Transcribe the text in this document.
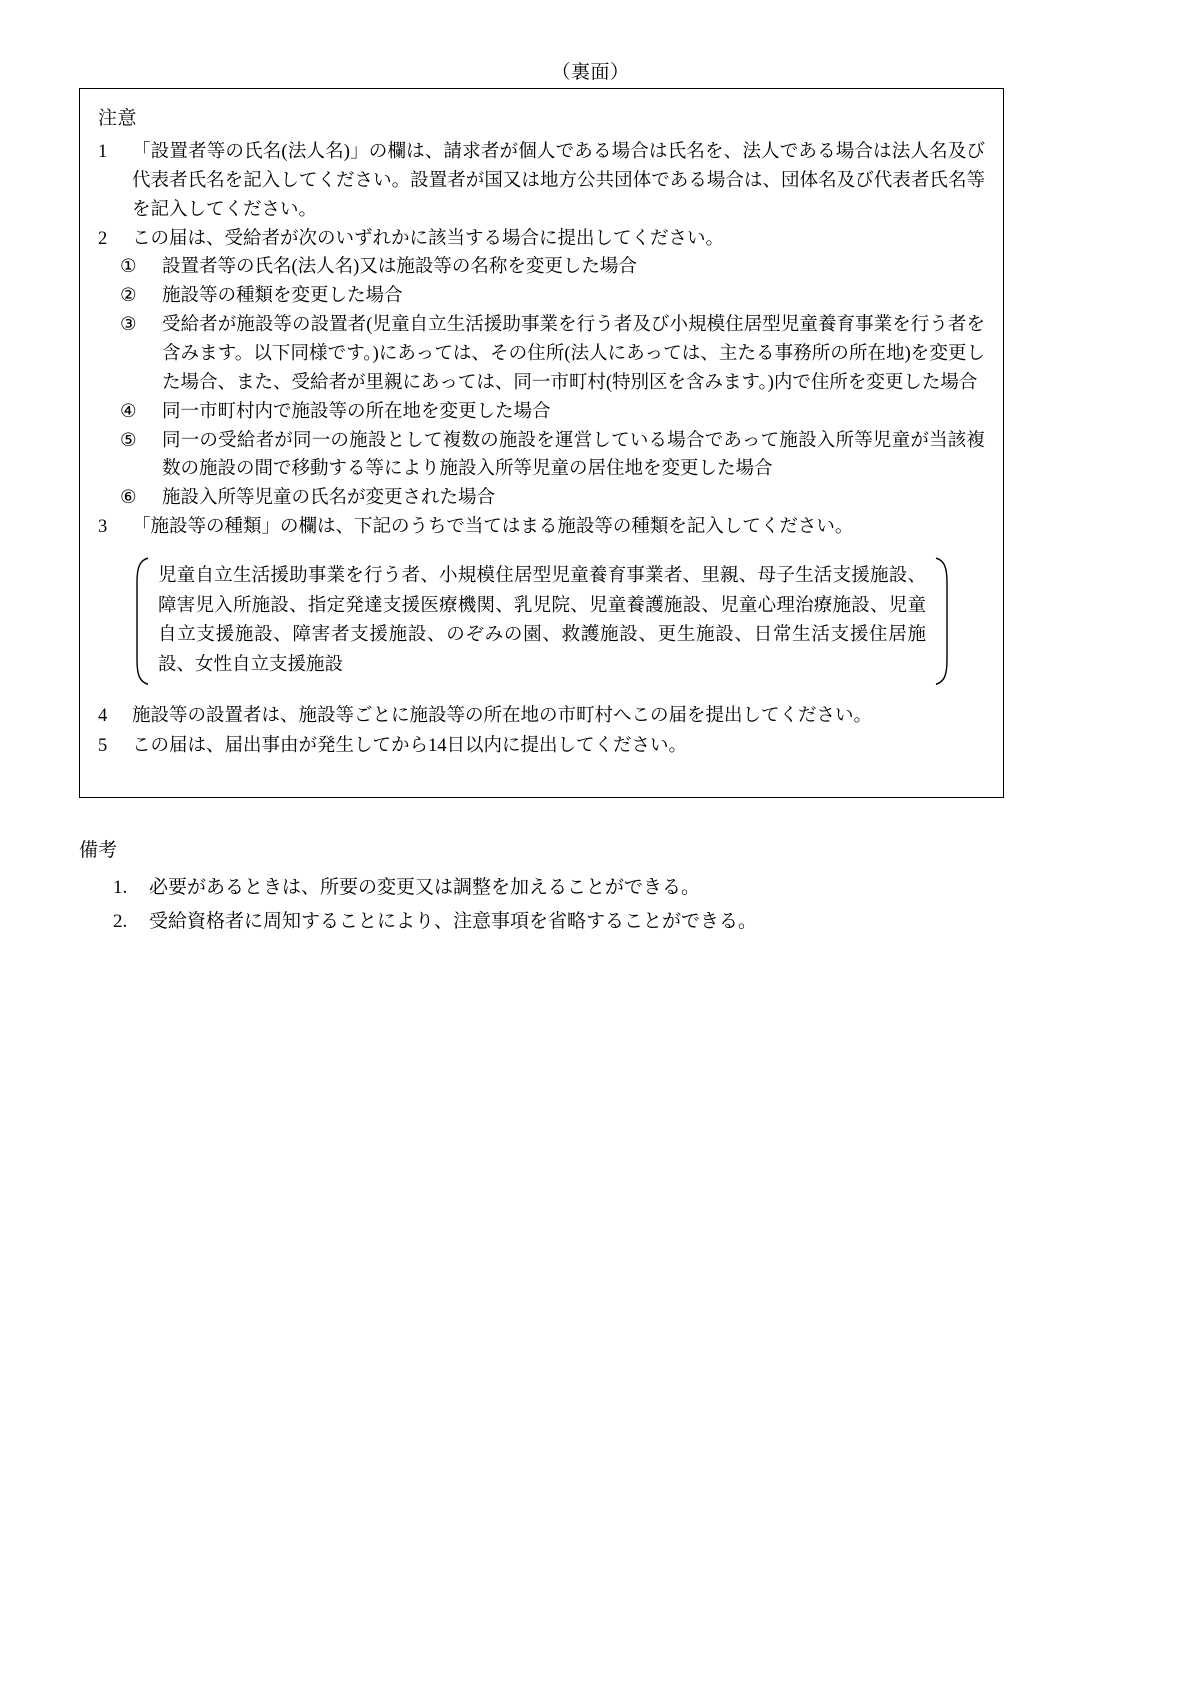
（裏面）
注意
1	「設置者等の氏名(法人名)」の欄は、請求者が個人である場合は氏名を、法人である場合は法人名及び代表者氏名を記入してください。設置者が国又は地方公共団体である場合は、団体名及び代表者氏名等を記入してください。
2	この届は、受給者が次のいずれかに該当する場合に提出してください。
①	設置者等の氏名(法人名)又は施設等の名称を変更した場合
②	施設等の種類を変更した場合
③	受給者が施設等の設置者(児童自立生活援助事業を行う者及び小規模住居型児童養育事業を行う者を含みます。以下同様です。)にあっては、その住所(法人にあっては、主たる事務所の所在地)を変更した場合、また、受給者が里親にあっては、同一市町村(特別区を含みます。)内で住所を変更した場合
④	同一市町村内で施設等の所在地を変更した場合
⑤	同一の受給者が同一の施設として複数の施設を運営している場合であって施設入所等児童が当該複数の施設の間で移動する等により施設入所等児童の居住地を変更した場合
⑥	施設入所等児童の氏名が変更された場合
3	「施設等の種類」の欄は、下記のうちで当てはまる施設等の種類を記入してください。
児童自立生活援助事業を行う者、小規模住居型児童養育事業者、里親、母子生活支援施設、障害児入所施設、指定発達支援医療機関、乳児院、児童養護施設、児童心理治療施設、児童自立支援施設、障害者支援施設、のぞみの園、救護施設、更生施設、日常生活支援住居施設、女性自立支援施設
4	施設等の設置者は、施設等ごとに施設等の所在地の市町村へこの届を提出してください。
5	この届は、届出事由が発生してから14日以内に提出してください。
備考
1.	必要があるときは、所要の変更又は調整を加えることができる。
2.	受給資格者に周知することにより、注意事項を省略することができる。
